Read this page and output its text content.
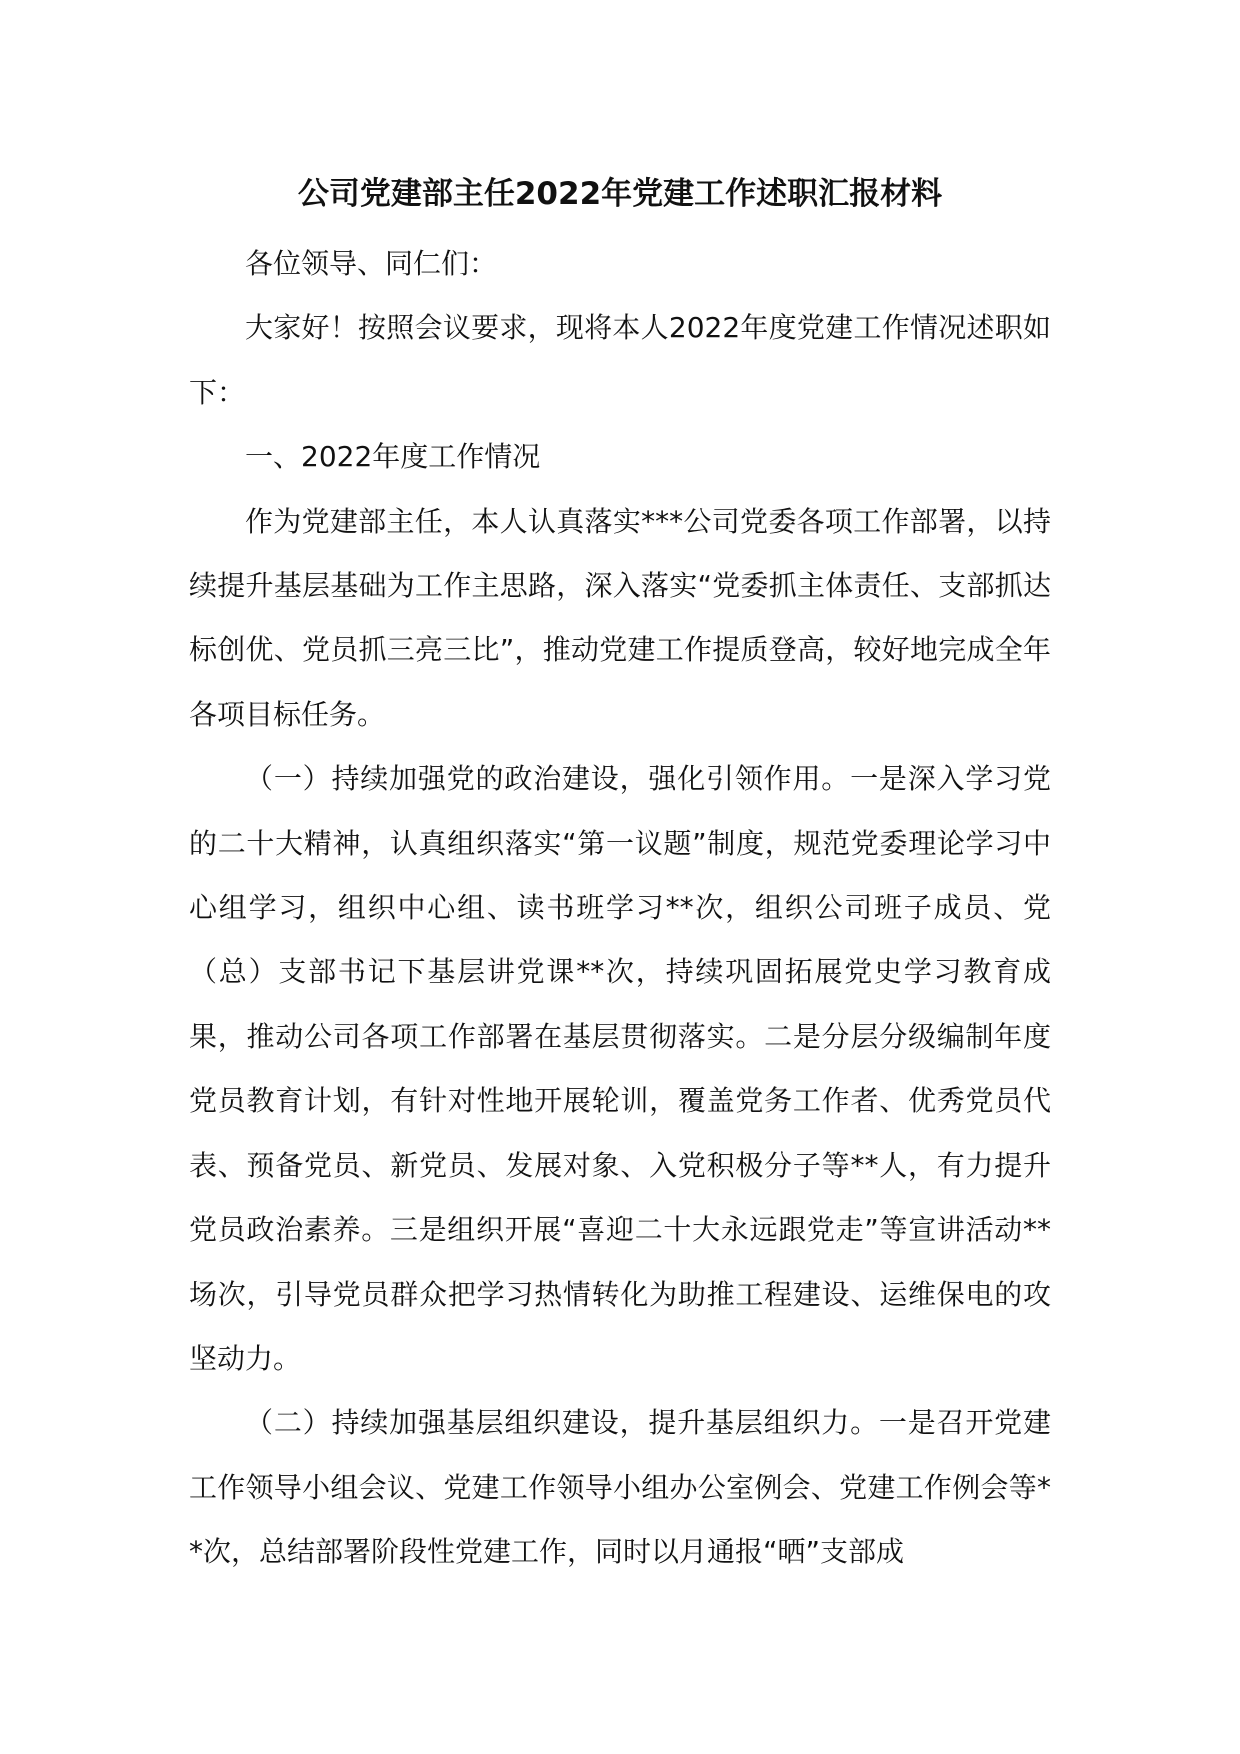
公司党建部主任2022年党建工作述职汇报材料

各位领导、同仁们：

大家好！按照会议要求，现将本人2022年度党建工作情况述职如下：

一、2022年度工作情况

作为党建部主任，本人认真落实***公司党委各项工作部署，以持续提升基层基础为工作主思路，深入落实“党委抓主体责任、支部抓达标创优、党员抓三亮三比”，推动党建工作提质登高，较好地完成全年各项目标任务。

（一）持续加强党的政治建设，强化引领作用。一是深入学习党的二十大精神，认真组织落实“第一议题”制度，规范党委理论学习中心组学习，组织中心组、读书班学习**次，组织公司班子成员、党（总）支部书记下基层讲党课**次，持续巩固拓展党史学习教育成果，推动公司各项工作部署在基层贯彻落实。二是分层分级编制年度党员教育计划，有针对性地开展轮训，覆盖党务工作者、优秀党员代表、预备党员、新党员、发展对象、入党积极分子等**人，有力提升党员政治素养。三是组织开展“喜迎二十大永远跟党走”等宣讲活动**场次，引导党员群众把学习热情转化为助推工程建设、运维保电的攻坚动力。

（二）持续加强基层组织建设，提升基层组织力。一是召开党建工作领导小组会议、党建工作领导小组办公室例会、党建工作例会等**次，总结部署阶段性党建工作，同时以月通报“晒”支部成
